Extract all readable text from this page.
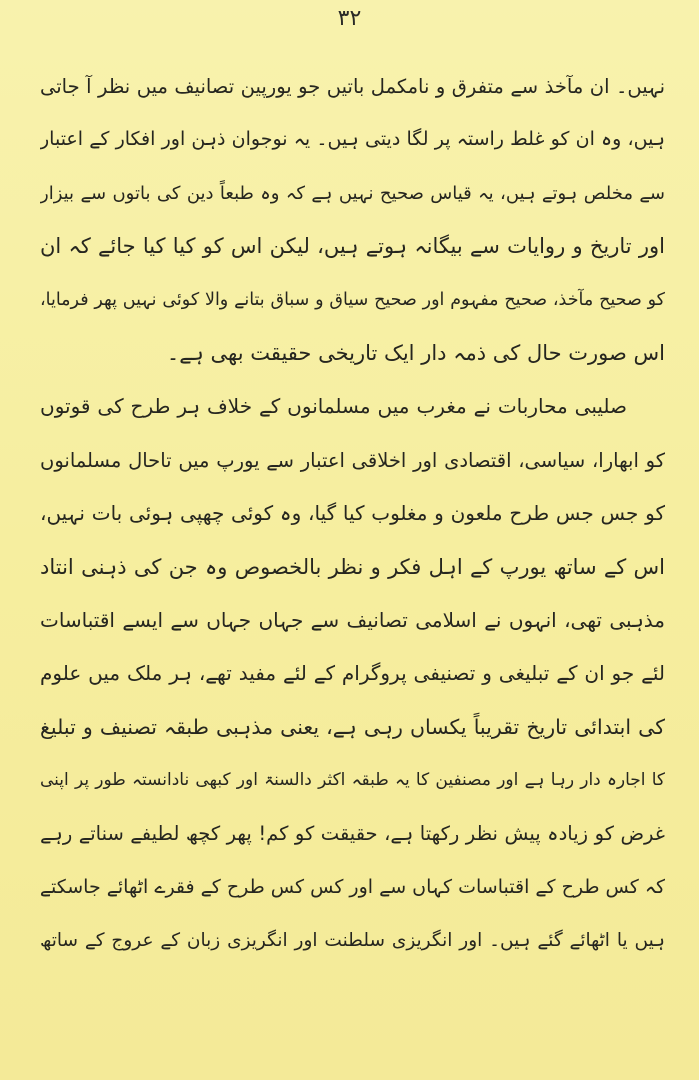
۳۲
نہیں۔ ان مآخذ سے متفرق و نامکمل باتیں جو یورپین تصانیف میں نظر آ جاتی
ہیں، وہ ان کو غلط راستہ پر لگا دیتی ہیں۔ یہ نوجوان ذہن اور افکار کے اعتبار
سے مخلص ہوتے ہیں، یہ قیاس صحیح نہیں ہے کہ وہ طبعاً دین کی باتوں سے بیزار
اور تاریخ و روایات سے بیگانہ ہوتے ہیں، لیکن اس کو کیا کیا جائے کہ ان
کو صحیح مآخذ، صحیح مفہوم اور صحیح سیاق و سباق بتانے والا کوئی نہیں پھر فرمایا،
اس صورت حال کی ذمہ دار ایک تاریخی حقیقت بھی ہے۔
صلیبی محاربات نے مغرب میں مسلمانوں کے خلاف ہر طرح کی قوتوں
کو ابھارا، سیاسی، اقتصادی اور اخلاقی اعتبار سے یورپ میں تاحال مسلمانوں
کو جس جس طرح ملعون و مغلوب کیا گیا، وہ کوئی چھپی ہوئی بات نہیں،
اس کے ساتھ یورپ کے اہل فکر و نظر بالخصوص وہ جن کی ذہنی انتاد
مذہبی تھی، انہوں نے اسلامی تصانیف سے جہاں جہاں سے ایسے اقتباسات
لئے جو ان کے تبلیغی و تصنیفی پروگرام کے لئے مفید تھے، ہر ملک میں علوم
کی ابتدائی تاریخ تقریباً یکساں رہی ہے، یعنی مذہبی طبقہ تصنیف و تبلیغ
کا اجارہ دار رہا ہے اور مصنفین کا یہ طبقہ اکثر دالسنۃ اور کبھی نادانستہ طور پر اپنی
غرض کو زیادہ پیش نظر رکھتا ہے، حقیقت کو کم! پھر کچھ لطیفے سناتے رہے
کہ کس طرح کے اقتباسات کہاں سے اور کس کس طرح کے فقرے اٹھائے جاسکتے
ہیں یا اٹھائے گئے ہیں۔ اور انگریزی سلطنت اور انگریزی زبان کے عروج کے ساتھ
